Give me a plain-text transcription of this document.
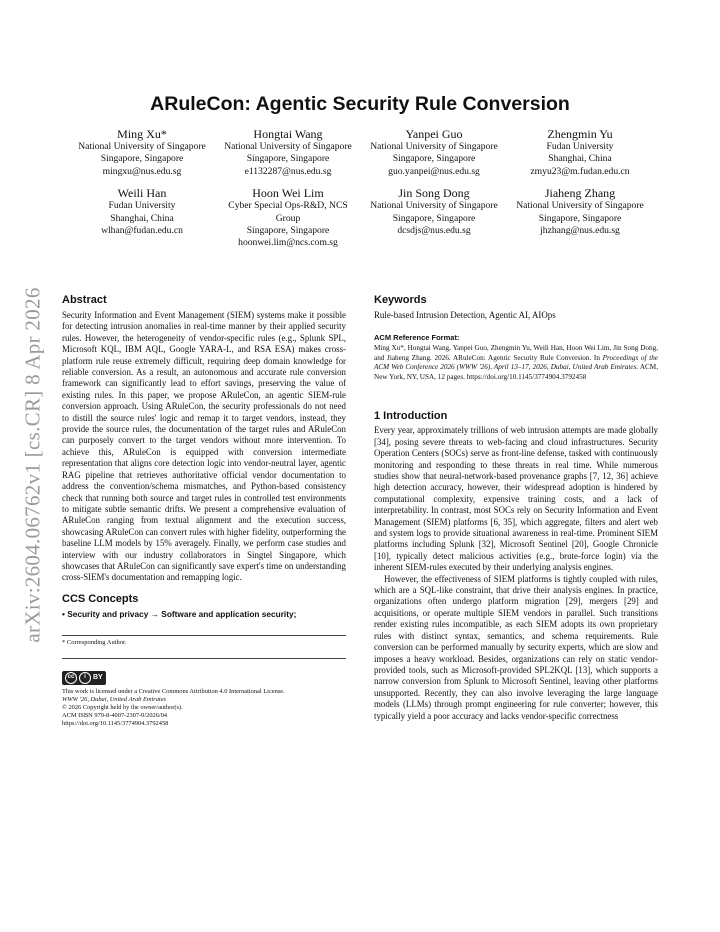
arXiv:2604.06762v1 [cs.CR] 8 Apr 2026
ARuleCon: Agentic Security Rule Conversion
Ming Xu*
National University of Singapore
Singapore, Singapore
mingxu@nus.edu.sg
Hongtai Wang
National University of Singapore
Singapore, Singapore
e1132287@nus.edu.sg
Yanpei Guo
National University of Singapore
Singapore, Singapore
guo.yanpei@nus.edu.sg
Zhengmin Yu
Fudan University
Shanghai, China
zmyu23@m.fudan.edu.cn
Weili Han
Fudan University
Shanghai, China
wlhan@fudan.edu.cn
Hoon Wei Lim
Cyber Special Ops-R&D, NCS Group
Singapore, Singapore
hoonwei.lim@ncs.com.sg
Jin Song Dong
National University of Singapore
Singapore, Singapore
dcsdjs@nus.edu.sg
Jiaheng Zhang
National University of Singapore
Singapore, Singapore
jhzhang@nus.edu.sg
Abstract

Security Information and Event Management (SIEM) systems make it possible for detecting intrusion anomalies in real-time manner by their applied security rules. However, the heterogeneity of vendor-specific rules (e.g., Splunk SPL, Microsoft KQL, IBM AQL, Google YARA-L, and RSA ESA) makes cross-platform rule reuse extremely difficult, requiring deep domain knowledge for reliable conversion. As a result, an autonomous and accurate rule conversion framework can significantly lead to effort savings, preserving the value of existing rules. In this paper, we propose ARuleCon, an agentic SIEM-rule conversion approach. Using ARuleCon, the security professionals do not need to distill the source rules' logic and remap it to target vendors, instead, they provide the source rules, the documentation of the target rules and ARuleCon can purposely convert to the target vendors without more intervention. To achieve this, ARuleCon is equipped with conversion intermediate representation that aligns core detection logic into vendor-neutral layer, agentic RAG pipeline that retrieves authoritative official vendor documentation to address the convention/schema mismatches, and Python-based consistency check that running both source and target rules in controlled test environments to mitigate subtle semantic drifts. We present a comprehensive evaluation of ARuleCon ranging from textual alignment and the execution success, showcasing ARuleCon can convert rules with higher fidelity, outperforming the baseline LLM models by 15% averagely. Finally, we perform case studies and interview with our industry collaborators in Singtel Singapore, which showcases that ARuleCon can significantly save expert's time on understanding cross-SIEM's documentation and remapping logic.

CCS Concepts
• Security and privacy → Software and application security;
* Corresponding Author.
cc	i	BY
This work is licensed under a Creative Commons Attribution 4.0 International License.
WWW '26, Dubai, United Arab Emirates
© 2026 Copyright held by the owner/author(s).
ACM ISBN 979-8-4007-2307-0/2026/04
https://doi.org/10.1145/3774904.3792458
Keywords

Rule-based Intrusion Detection, Agentic AI, AIOps

ACM Reference Format:

Ming Xu*, Hongtai Wang, Yanpei Guo, Zhengmin Yu, Weili Han, Hoon Wei Lim, Jin Song Dong, and Jiaheng Zhang. 2026. ARuleCon: Agentic Security Rule Conversion. In Proceedings of the ACM Web Conference 2026 (WWW '26), April 13–17, 2026, Dubai, United Arab Emirates. ACM, New York, NY, USA, 12 pages. https://doi.org/10.1145/3774904.3792458

1 Introduction

Every year, approximately trillions of web intrusion attempts are made globally [34], posing severe threats to web-facing and cloud infrastructures. Security Operation Centers (SOCs) serve as front-line defense, tasked with continuously monitoring and responding to these threats in real time. While numerous studies show that neural-network-based provenance graphs [7, 12, 36] achieve high detection accuracy, however, their widespread adoption is hindered by computational complexity, expensive training costs, and a lack of interpretability. In contrast, most SOCs rely on Security Information and Event Management (SIEM) platforms [6, 35], which aggregate, filters and alert web and system logs to provide situational awareness in real-time. Prominent SIEM platforms including Splunk [32], Microsoft Sentinel [20], Google Chronicle [10], typically detect malicious activities (e.g., brute-force login) via the inherent SIEM-rules executed by their underlying analysis engines.

However, the effectiveness of SIEM platforms is tightly coupled with rules, which are a SQL-like constraint, that drive their analysis engines. In practice, organizations often undergo platform migration [29], mergers [29] and acquisitions, or operate multiple SIEM vendors in parallel. Such transitions render existing rules incompatible, as each SIEM adopts its own proprietary rules with distinct syntax, semantics, and schema requirements. Rule conversion can be performed manually by security experts, which are slow and imposes a heavy workload. Besides, organizations can rely on static vendor-provided tools, such as Microsoft-provided SPL2KQL [13], which supports a narrow conversion from Splunk to Microsoft Sentinel, leaving other platforms unsupported. Recently, they can also involve leveraging the large language models (LLMs) through prompt engineering for rule converter; however, this typically yield a poor accuracy and lacks vendor-specific correctness
